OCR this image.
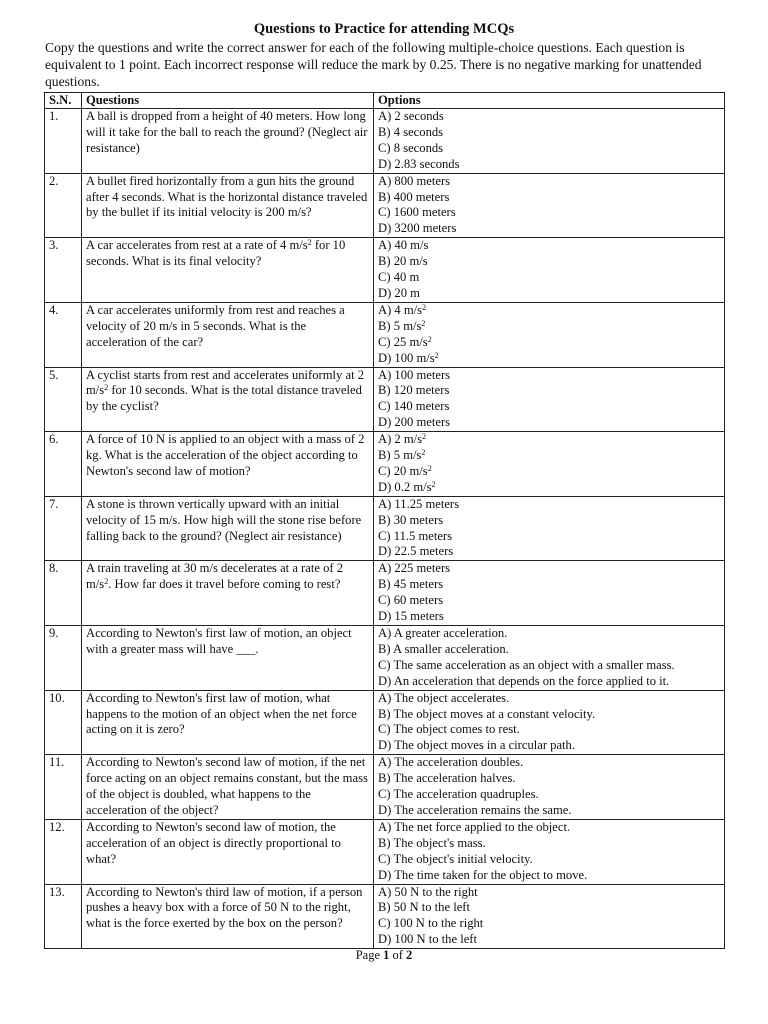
Questions to Practice for attending MCQs
Copy the questions and write the correct answer for each of the following multiple-choice questions. Each question is equivalent to 1 point. Each incorrect response will reduce the mark by 0.25. There is no negative marking for unattended questions.
S.N.	Questions	Options
1.	A ball is dropped from a height of 40 meters. How long will it take for the ball to reach the ground? (Neglect air resistance)	A) 2 seconds
B) 4 seconds
C) 8 seconds
D) 2.83 seconds

2.	A bullet fired horizontally from a gun hits the ground after 4 seconds. What is the horizontal distance traveled by the bullet if its initial velocity is 200 m/s?	A) 800 meters
B) 400 meters
C) 1600 meters
D) 3200 meters

3.	A car accelerates from rest at a rate of 4 $m/s^2$ for 10 seconds. What is its final velocity?	A) 40 m/s
B) 20 m/s
C) 40 m
D) 20 m

4.	A car accelerates uniformly from rest and reaches a velocity of 20 m/s in 5 seconds. What is the acceleration of the car?	A) 4 $m/s^2$
B) 5 $m/s^2$
C) 25 $m/s^2$
D) 100 $m/s^2$

5.	A cyclist starts from rest and accelerates uniformly at 2 $m/s^2$ for 10 seconds. What is the total distance traveled by the cyclist?	A) 100 meters
B) 120 meters
C) 140 meters
D) 200 meters

6.	A force of 10 N is applied to an object with a mass of 2 kg. What is the acceleration of the object according to Newton's second law of motion?	A) 2 $m/s^2$
B) 5 $m/s^2$
C) 20 $m/s^2$
D) 0.2 $m/s^2$

7.	A stone is thrown vertically upward with an initial velocity of 15 m/s. How high will the stone rise before falling back to the ground? (Neglect air resistance)	A) 11.25 meters
B) 30 meters
C) 11.5 meters
D) 22.5 meters

8.	A train traveling at 30 m/s decelerates at a rate of 2 $m/s^2$. How far does it travel before coming to rest?	A) 225 meters
B) 45 meters
C) 60 meters
D) 15 meters

9.	According to Newton's first law of motion, an object with a greater mass will have ___.	A) A greater acceleration.
B) A smaller acceleration.
C) The same acceleration as an object with a smaller mass.
D) An acceleration that depends on the force applied to it.

10.	According to Newton's first law of motion, what happens to the motion of an object when the net force acting on it is zero?	A) The object accelerates.
B) The object moves at a constant velocity.
C) The object comes to rest.
D) The object moves in a circular path.

11.	According to Newton's second law of motion, if the net force acting on an object remains constant, but the mass of the object is doubled, what happens to the acceleration of the object?	A) The acceleration doubles.
B) The acceleration halves.
C) The acceleration quadruples.
D) The acceleration remains the same.

12.	According to Newton's second law of motion, the acceleration of an object is directly proportional to what?	A) The net force applied to the object.
B) The object's mass.
C) The object's initial velocity.
D) The time taken for the object to move.

13.	According to Newton's third law of motion, if a person pushes a heavy box with a force of 50 N to the right, what is the force exerted by the box on the person?	A) 50 N to the right
B) 50 N to the left
C) 100 N to the right
D) 100 N to the left
Page 1 of 2
